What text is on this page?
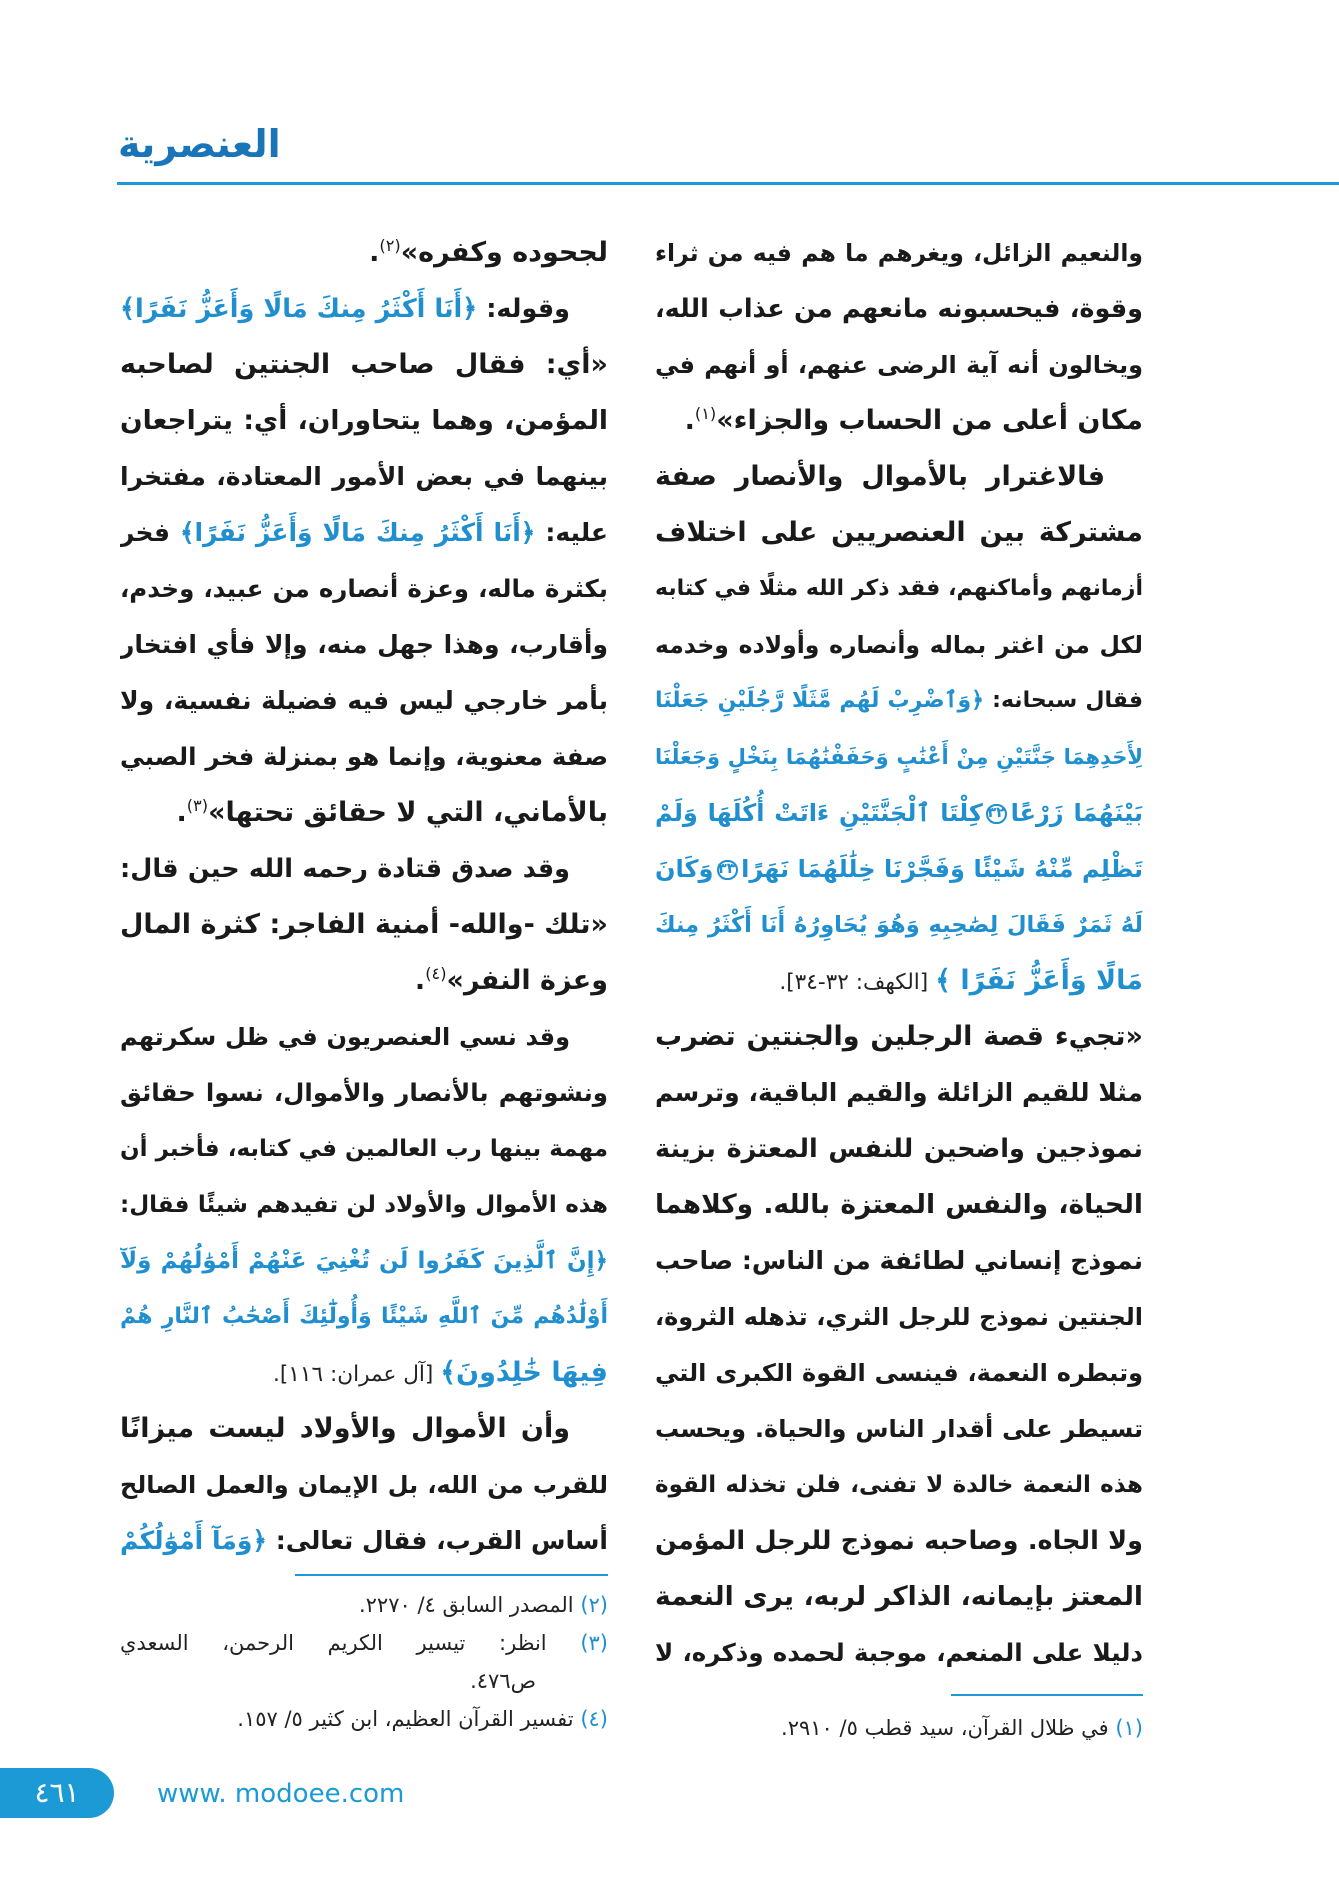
العنصرية
والنعيم الزائل، ويغرهم ما هم فيه من ثراء
وقوة، فيحسبونه مانعهم من عذاب الله،
ويخالون أنه آية الرضى عنهم، أو أنهم في
مكان أعلى من الحساب والجزاء»$^{(١)}$.
فالاغترار بالأموال والأنصار صفة
مشتركة بين العنصريين على اختلاف
أزمانهم وأماكنهم، فقد ذكر الله مثلًا في كتابه
لكل من اغتر بماله وأنصاره وأولاده وخدمه
فقال سبحانه: ﴿وَٱضْرِبْ لَهُم مَّثَلًا رَّجُلَيْنِ جَعَلْنَا
لِأَحَدِهِمَا جَنَّتَيْنِ مِنْ أَعْنَٰبٍ وَحَفَفْنَٰهُمَا بِنَخْلٍ وَجَعَلْنَا
بَيْنَهُمَا زَرْعًا٣٢كِلْتَا ٱلْجَنَّتَيْنِ ءَاتَتْ أُكُلَهَا وَلَمْ
تَظْلِم مِّنْهُ شَيْئًا وَفَجَّرْنَا خِلَٰلَهُمَا نَهَرًا٣٣وَكَانَ
لَهُ ثَمَرٌ فَقَالَ لِصَٰحِبِهِ وَهُوَ يُحَاوِرُهُ أَنَا أَكْثَرُ مِنكَ
مَالًا وَأَعَزُّ نَفَرًا ﴾ [الكهف: ٣٢-٣٤].
«تجيء قصة الرجلين والجنتين تضرب
مثلا للقيم الزائلة والقيم الباقية، وترسم
نموذجين واضحين للنفس المعتزة بزينة
الحياة، والنفس المعتزة بالله. وكلاهما
نموذج إنساني لطائفة من الناس: صاحب
الجنتين نموذج للرجل الثري، تذهله الثروة،
وتبطره النعمة، فينسى القوة الكبرى التي
تسيطر على أقدار الناس والحياة. ويحسب
هذه النعمة خالدة لا تفنى، فلن تخذله القوة
ولا الجاه. وصاحبه نموذج للرجل المؤمن
المعتز بإيمانه، الذاكر لربه، يرى النعمة
دليلا على المنعم، موجبة لحمده وذكره، لا
(١) في ظلال القرآن، سيد قطب ٥/ ٢٩١٠.
لجحوده وكفره»$^{(٢)}$.
وقوله: ﴿أَنَا أَكْثَرُ مِنكَ مَالًا وَأَعَزُّ نَفَرًا﴾
«أي: فقال صاحب الجنتين لصاحبه
المؤمن، وهما يتحاوران، أي: يتراجعان
بينهما في بعض الأمور المعتادة، مفتخرا
عليه: ﴿أَنَا أَكْثَرُ مِنكَ مَالًا وَأَعَزُّ نَفَرًا﴾ فخر
بكثرة ماله، وعزة أنصاره من عبيد، وخدم،
وأقارب، وهذا جهل منه، وإلا فأي افتخار
بأمر خارجي ليس فيه فضيلة نفسية، ولا
صفة معنوية، وإنما هو بمنزلة فخر الصبي
بالأماني، التي لا حقائق تحتها»$^{(٣)}$.
وقد صدق قتادة رحمه الله حين قال:
«تلك -والله- أمنية الفاجر: كثرة المال
وعزة النفر»$^{(٤)}$.
وقد نسي العنصريون في ظل سكرتهم
ونشوتهم بالأنصار والأموال، نسوا حقائق
مهمة بينها رب العالمين في كتابه، فأخبر أن
هذه الأموال والأولاد لن تفيدهم شيئًا فقال:
﴿إِنَّ ٱلَّذِينَ كَفَرُوا لَن تُغْنِيَ عَنْهُمْ أَمْوَٰلُهُمْ وَلَآ
أَوْلَٰدُهُم مِّنَ ٱللَّهِ شَيْئًا وَأُولَٰٓئِكَ أَصْحَٰبُ ٱلنَّارِ هُمْ
فِيهَا خَٰلِدُونَ﴾ [آل عمران: ١١٦].
وأن الأموال والأولاد ليست ميزانًا
للقرب من الله، بل الإيمان والعمل الصالح
أساس القرب، فقال تعالى: ﴿وَمَآ أَمْوَٰلُكُمْ
(٢) المصدر السابق ٤/ ٢٢٧٠.
(٣) انظر: تيسير الكريم الرحمن، السعدي
ص٤٧٦.
(٤) تفسير القرآن العظيم، ابن كثير ٥/ ١٥٧.
٤٦١	www. modoee.com
